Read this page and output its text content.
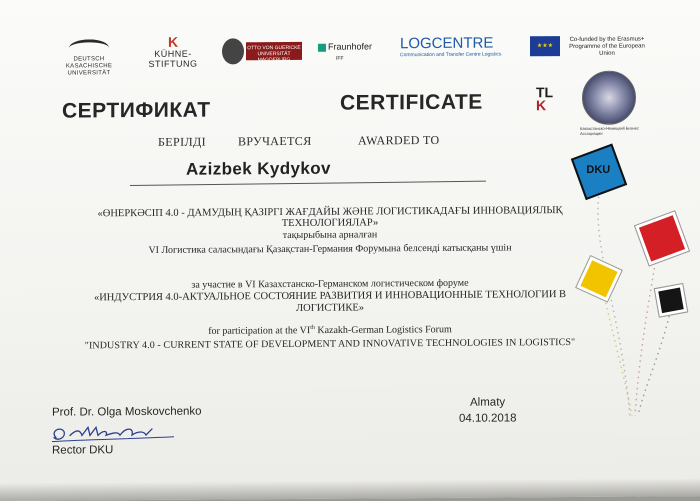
DEUTSCH KASACHISCHE UNIVERSITÄT
K
KÜHNE-STIFTUNG
OTTO VON GUERICKE UNIVERSITÄT MAGDEBURG
Fraunhofer
IFF
LOGCENTRE
Communication and Transfer Centre Logistics
★★★
Co-funded by the Erasmus+ Programme of the European Union
TL
K
Казахстанско-Немецкий Бизнес Ассоциации
СЕРТИФИКАТ	CERTIFICATE
БЕРІЛДІ	ВРУЧАЕТСЯ	AWARDED TO
Azizbek Kydykov
«ӨНЕРКӘСІП 4.0 - ДАМУДЫҢ ҚАЗІРГІ ЖАҒДАЙЫ ЖӘНЕ ЛОГИСТИКАДАҒЫ ИННОВАЦИЯЛЫҚ ТЕХНОЛОГИЯЛАР»
тақырыбына арналған
VI Логистика саласындағы Қазақстан-Германия Форумына белсенді катысқаны үшін
за участие в VI Казахстанско-Германском логистическом форуме
«ИНДУСТРИЯ 4.0-АКТУАЛЬНОЕ СОСТОЯНИЕ РАЗВИТИЯ И ИННОВАЦИОННЫЕ ТЕХНОЛОГИИ В ЛОГИСТИКЕ»
for participation at the VIth Kazakh-German Logistics Forum
"INDUSTRY 4.0 - CURRENT STATE OF DEVELOPMENT AND INNOVATIVE TECHNOLOGIES IN LOGISTICS"
Prof. Dr. Olga Moskovchenko
Rector DKU
Almaty
04.10.2018
DKU
